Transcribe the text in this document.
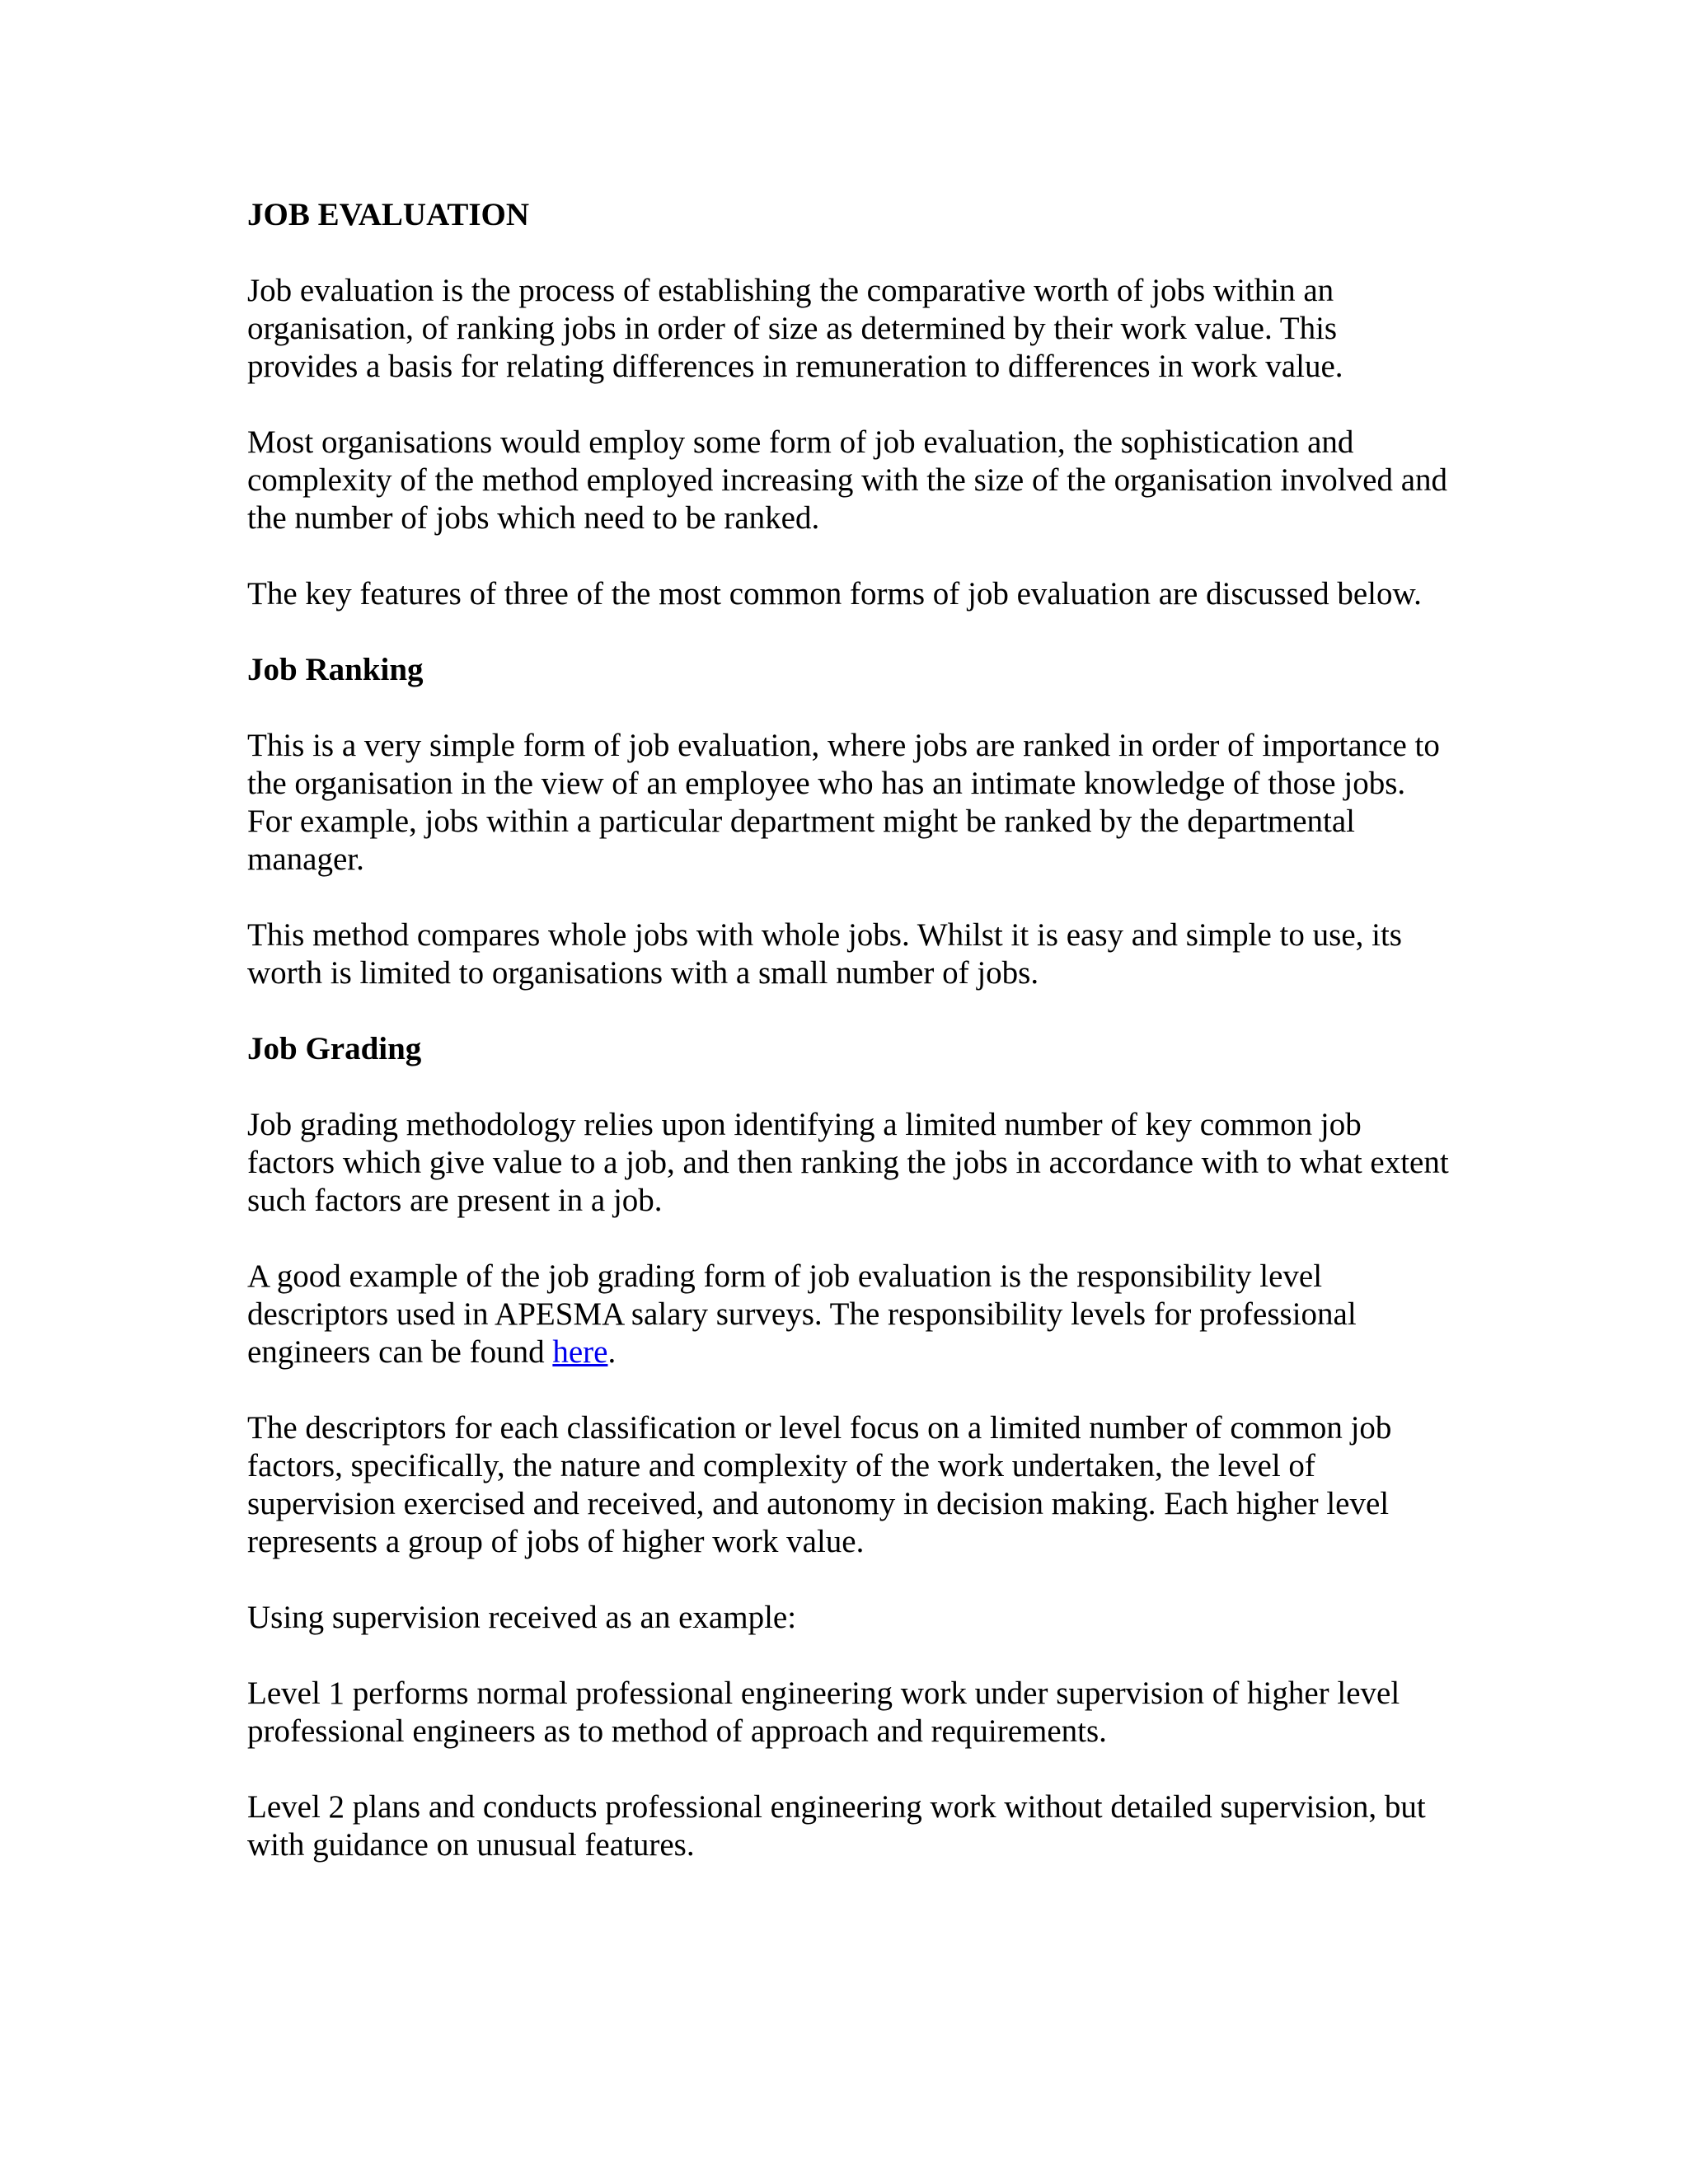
JOB EVALUATION

Job evaluation is the process of establishing the comparative worth of jobs within an organisation, of ranking jobs in order of size as determined by their work value. This provides a basis for relating differences in remuneration to differences in work value.

Most organisations would employ some form of job evaluation, the sophistication and complexity of the method employed increasing with the size of the organisation involved and the number of jobs which need to be ranked.

The key features of three of the most common forms of job evaluation are discussed below.

Job Ranking

This is a very simple form of job evaluation, where jobs are ranked in order of importance to the organisation in the view of an employee who has an intimate knowledge of those jobs. For example, jobs within a particular department might be ranked by the departmental manager.

This method compares whole jobs with whole jobs. Whilst it is easy and simple to use, its worth is limited to organisations with a small number of jobs.

Job Grading

Job grading methodology relies upon identifying a limited number of key common job factors which give value to a job, and then ranking the jobs in accordance with to what extent such factors are present in a job.

A good example of the job grading form of job evaluation is the responsibility level descriptors used in APESMA salary surveys. The responsibility levels for professional engineers can be found here.

The descriptors for each classification or level focus on a limited number of common job factors, specifically, the nature and complexity of the work undertaken, the level of supervision exercised and received, and autonomy in decision making. Each higher level represents a group of jobs of higher work value.

Using supervision received as an example:

Level 1 performs normal professional engineering work under supervision of higher level professional engineers as to method of approach and requirements.

Level 2 plans and conducts professional engineering work without detailed supervision, but with guidance on unusual features.
